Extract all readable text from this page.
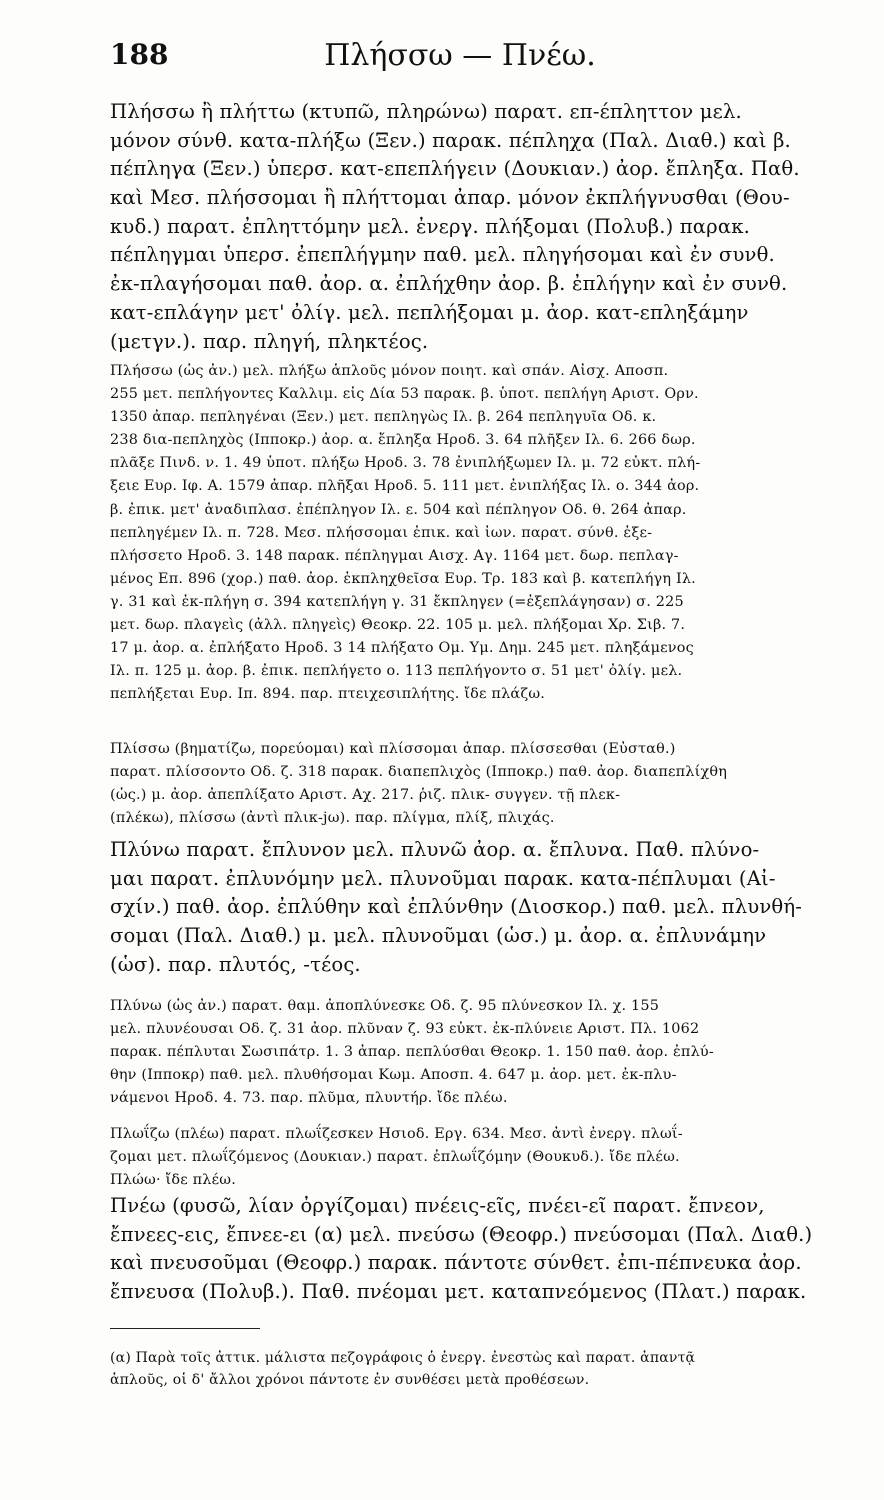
188	Πλήσσω — Πνέω.
Πλήσσω ἢ πλήττω (κτυπῶ, πληρώνω) παρατ. επ-έπληττον μελ.
μόνον σύνθ. κατα-πλήξω (Ξεν.) παρακ. πέπληχα (Παλ. Διαθ.) καὶ β.
πέπληγα (Ξεν.) ὑπερσ. κατ-επεπλήγειν (Δουκιαν.) ἀορ. ἔπληξα. Παθ.
καὶ Μεσ. πλήσσομαι ἢ πλήττομαι ἀπαρ. μόνον ἐκπλήγνυσθαι (Θου-
κυδ.) παρατ. ἐπληττόμην μελ. ἐνεργ. πλήξομαι (Πολυβ.) παρακ.
πέπληγμαι ὑπερσ. ἐπεπλήγμην παθ. μελ. πληγήσομαι καὶ ἐν συνθ.
ἐκ-πλαγήσομαι παθ. ἀορ. α. ἐπλήχθην ἀορ. β. ἐπλήγην καὶ ἐν συνθ.
κατ-επλάγην μετ' ὀλίγ. μελ. πεπλήξομαι μ. ἀορ. κατ-επληξάμην
(μετγν.). παρ. πληγή, πληκτέος.
Πλήσσω (ὡς ἀν.) μελ. πλήξω ἁπλοῦς μόνον ποιητ. καὶ σπάν. Αἰσχ. Αποσπ.
255 μετ. πεπλήγοντες Καλλιμ. εἰς Δία 53 παρακ. β. ὑποτ. πεπλήγη Αριστ. Ορν.
1350 ἀπαρ. πεπληγέναι (Ξεν.) μετ. πεπληγὼς Ιλ. β. 264 πεπληγυῖα Οδ. κ.
238 δια-πεπληχὸς (Ιπποκρ.) ἀορ. α. ἔπληξα Ηροδ. 3. 64 πλῆξεν Ιλ. 6. 266 δωρ.
πλᾶξε Πινδ. ν. 1. 49 ὑποτ. πλήξω Ηροδ. 3. 78 ἐνιπλήξωμεν Ιλ. μ. 72 εὐκτ. πλή-
ξειε Ευρ. Ιφ. Α. 1579 ἀπαρ. πλῆξαι Ηροδ. 5. 111 μετ. ἐνιπλήξας Ιλ. ο. 344 ἀορ.
β. ἐπικ. μετ' ἀναδιπλασ. ἐπέπληγον Ιλ. ε. 504 καὶ πέπληγον Οδ. θ. 264 ἀπαρ.
πεπληγέμεν Ιλ. π. 728. Μεσ. πλήσσομαι ἐπικ. καὶ ἰων. παρατ. σύνθ. ἐξε-
πλήσσετο Ηροδ. 3. 148 παρακ. πέπληγμαι Αισχ. Αγ. 1164 μετ. δωρ. πεπλαγ-
μένος Επ. 896 (χορ.) παθ. ἀορ. ἐκπληχθεῖσα Ευρ. Τρ. 183 καὶ β. κατεπλήγη Ιλ.
γ. 31 καὶ ἐκ-πλήγη σ. 394 κατεπλήγη γ. 31 ἔκπληγεν (=ἐξεπλάγησαν) σ. 225
μετ. δωρ. πλαγεὶς (ἀλλ. πληγεὶς) Θεοκρ. 22. 105 μ. μελ. πλήξομαι Χρ. Σιβ. 7.
17 μ. ἀορ. α. ἐπλήξατο Ηροδ. 3 14 πλήξατο Ομ. Υμ. Δημ. 245 μετ. πληξάμενος
Ιλ. π. 125 μ. ἀορ. β. ἐπικ. πεπλήγετο ο. 113 πεπλήγοντο σ. 51 μετ' ὀλίγ. μελ.
πεπλήξεται Ευρ. Ιπ. 894. παρ. πτειχεσιπλήτης. ἴδε πλάζω.
Πλίσσω (βηματίζω, πορεύομαι) καὶ πλίσσομαι ἀπαρ. πλίσσεσθαι (Εὐσταθ.)
παρατ. πλίσσοντο Οδ. ζ. 318 παρακ. διαπεπλιχὸς (Ιπποκρ.) παθ. ἀορ. διαπεπλίχθη
(ὡς.) μ. ἀορ. ἀπεπλίξατο Αριστ. Αχ. 217. ῥιζ. πλικ- συγγεν. τῇ πλεκ-
(πλέκω), πλίσσω (ἀντὶ πλικ-jω). παρ. πλίγμα, πλίξ, πλιχάς.
Πλύνω παρατ. ἔπλυνον μελ. πλυνῶ ἀορ. α. ἔπλυνα. Παθ. πλύνο-
μαι παρατ. ἐπλυνόμην μελ. πλυνοῦμαι παρακ. κατα-πέπλυμαι (Αἰ-
σχίν.) παθ. ἀορ. ἐπλύθην καὶ ἐπλύνθην (Διοσκορ.) παθ. μελ. πλυνθή-
σομαι (Παλ. Διαθ.) μ. μελ. πλυνοῦμαι (ὡσ.) μ. ἀορ. α. ἐπλυνάμην
(ὡσ). παρ. πλυτός, -τέος.
Πλύνω (ὡς ἀν.) παρατ. θαμ. ἀποπλύνεσκε Οδ. ζ. 95 πλύνεσκον Ιλ. χ. 155
μελ. πλυνέουσαι Οδ. ζ. 31 ἀορ. πλῦναν ζ. 93 εὐκτ. ἐκ-πλύνειε Αριστ. Πλ. 1062
παρακ. πέπλυται Σωσιπάτρ. 1. 3 ἀπαρ. πεπλύσθαι Θεοκρ. 1. 150 παθ. ἀορ. ἐπλύ-
θην (Ιπποκρ) παθ. μελ. πλυθήσομαι Κωμ. Αποσπ. 4. 647 μ. ἀορ. μετ. ἐκ-πλυ-
νάμενοι Ηροδ. 4. 73. παρ. πλῦμα, πλυντήρ. ἴδε πλέω.
Πλωΐζω (πλέω) παρατ. πλωΐζεσκεν Ησιοδ. Εργ. 634. Μεσ. ἀντὶ ἐνεργ. πλωΐ-
ζομαι μετ. πλωΐζόμενος (Δουκιαν.) παρατ. ἐπλωΐζόμην (Θουκυδ.). ἴδε πλέω.
Πλώω· ἴδε πλέω.
Πνέω (φυσῶ, λίαν ὀργίζομαι) πνέεις-εῖς, πνέει-εῖ παρατ. ἔπνεον,
ἔπνεες-εις, ἔπνεε-ει (α) μελ. πνεύσω (Θεοφρ.) πνεύσομαι (Παλ. Διαθ.)
καὶ πνευσοῦμαι (Θεοφρ.) παρακ. πάντοτε σύνθετ. ἐπι-πέπνευκα ἀορ.
ἔπνευσα (Πολυβ.). Παθ. πνέομαι μετ. καταπνεόμενος (Πλατ.) παρακ.
(α) Παρὰ τοῖς ἀττικ. μάλιστα πεζογράφοις ὁ ἐνεργ. ἐνεστὼς καὶ παρατ. ἀπαντᾷ
ἁπλοῦς, οἱ δ' ἄλλοι χρόνοι πάντοτε ἐν συνθέσει μετὰ προθέσεων.
